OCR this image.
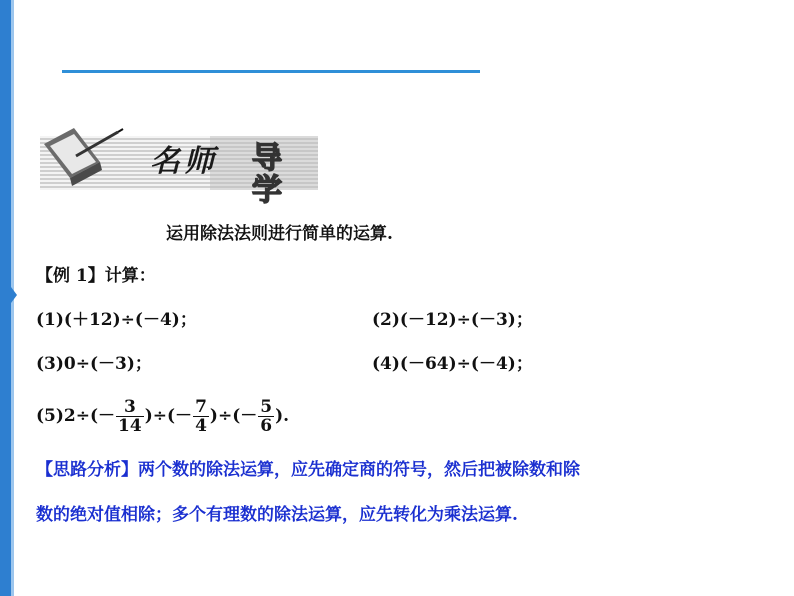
名师 导学
运用除法法则进行简单的运算.
【例 1】计算：
(1)(＋12)÷(－4)；	(2)(－12)÷(－3)；
(3)0÷(－3)；	(4)(－64)÷(－4)；
$(5)2\div(- \frac{3}{14}$ )÷(－ $\frac{7}{4}$ )÷(－ $\frac{5}{6}$ ).
【思路分析】两个数的除法运算，应先确定商的符号，然后把被除数和除
数的绝对值相除；多个有理数的除法运算，应先转化为乘法运算.
